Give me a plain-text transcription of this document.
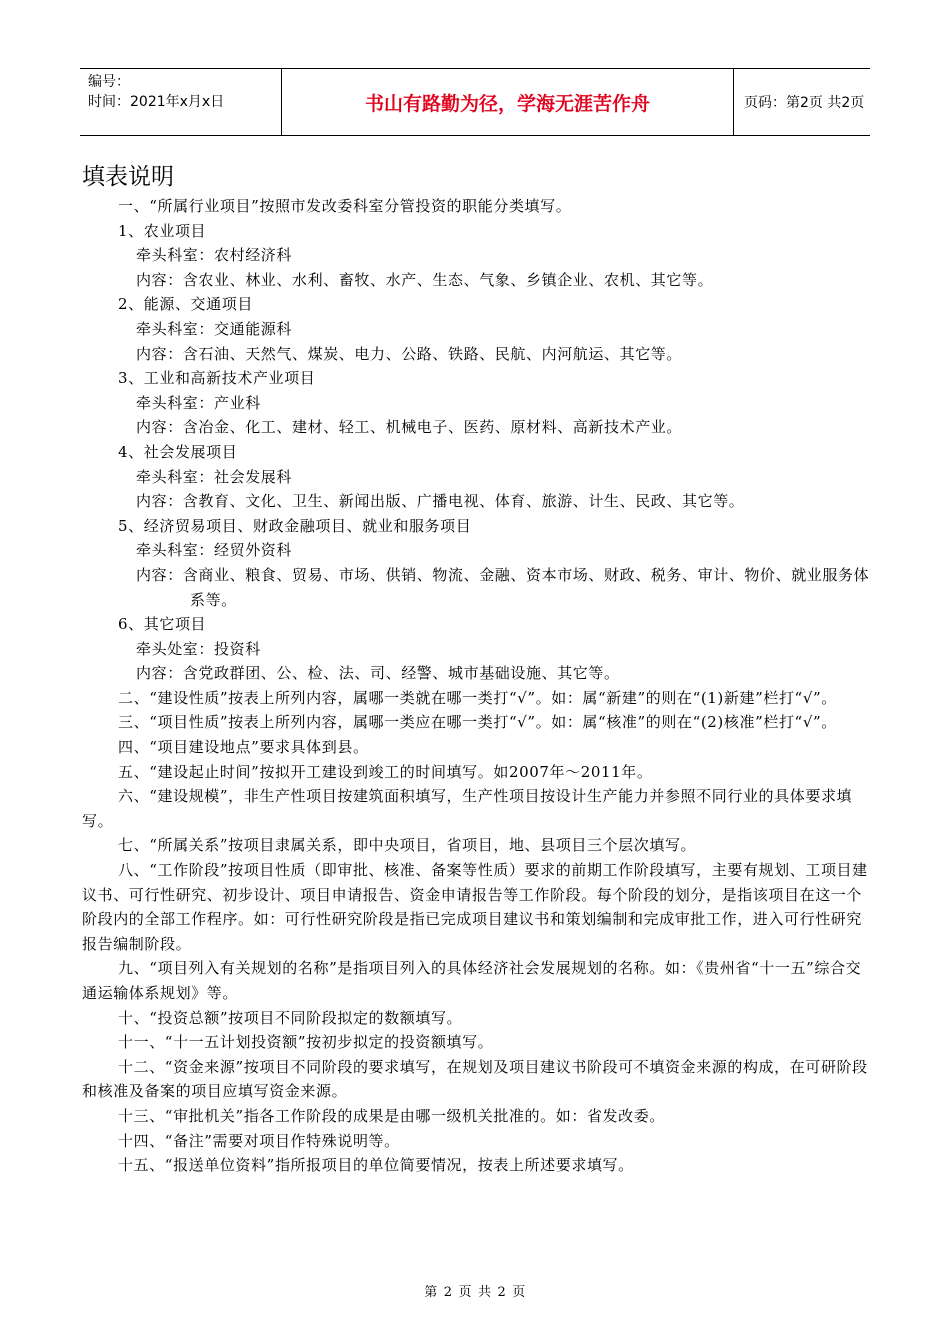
编号：
时间：2021年x月x日	书山有路勤为径，学海无涯苦作舟	页码：第2页 共2页
填表说明

一、“所属行业项目”按照市发改委科室分管投资的职能分类填写。

1、农业项目

牵头科室：农村经济科

内容：含农业、林业、水利、畜牧、水产、生态、气象、乡镇企业、农机、其它等。

2、能源、交通项目

牵头科室：交通能源科

内容：含石油、天然气、煤炭、电力、公路、铁路、民航、内河航运、其它等。

3、工业和高新技术产业项目

牵头科室：产业科

内容：含冶金、化工、建材、轻工、机械电子、医药、原材料、高新技术产业。

4、社会发展项目

牵头科室：社会发展科

内容：含教育、文化、卫生、新闻出版、广播电视、体育、旅游、计生、民政、其它等。

5、经济贸易项目、财政金融项目、就业和服务项目

牵头科室：经贸外资科

内容：含商业、粮食、贸易、市场、供销、物流、金融、资本市场、财政、税务、审计、物价、就业服务体系等。

6、其它项目

牵头处室：投资科

内容：含党政群团、公、检、法、司、经警、城市基础设施、其它等。

二、“建设性质”按表上所列内容，属哪一类就在哪一类打“√”。如：属“新建”的则在“(1)新建”栏打“√”。

三、“项目性质”按表上所列内容，属哪一类应在哪一类打“√”。如：属“核准”的则在“(2)核准”栏打“√”。

四、“项目建设地点”要求具体到县。

五、“建设起止时间”按拟开工建设到竣工的时间填写。如2007年～2011年。

六、“建设规模”，非生产性项目按建筑面积填写，生产性项目按设计生产能力并参照不同行业的具体要求填写。

七、“所属关系”按项目隶属关系，即中央项目，省项目，地、县项目三个层次填写。

八、“工作阶段”按项目性质（即审批、核准、备案等性质）要求的前期工作阶段填写，主要有规划、工项目建议书、可行性研究、初步设计、项目申请报告、资金申请报告等工作阶段。每个阶段的划分，是指该项目在这一个阶段内的全部工作程序。如：可行性研究阶段是指已完成项目建议书和策划编制和完成审批工作，进入可行性研究报告编制阶段。

九、“项目列入有关规划的名称”是指项目列入的具体经济社会发展规划的名称。如：《贵州省“十一五”综合交通运输体系规划》等。

十、“投资总额”按项目不同阶段拟定的数额填写。

十一、“十一五计划投资额”按初步拟定的投资额填写。

十二、“资金来源”按项目不同阶段的要求填写，在规划及项目建议书阶段可不填资金来源的构成，在可研阶段和核准及备案的项目应填写资金来源。

十三、“审批机关”指各工作阶段的成果是由哪一级机关批准的。如：省发改委。

十四、“备注”需要对项目作特殊说明等。

十五、“报送单位资料”指所报项目的单位简要情况，按表上所述要求填写。

第 2 页 共 2 页
